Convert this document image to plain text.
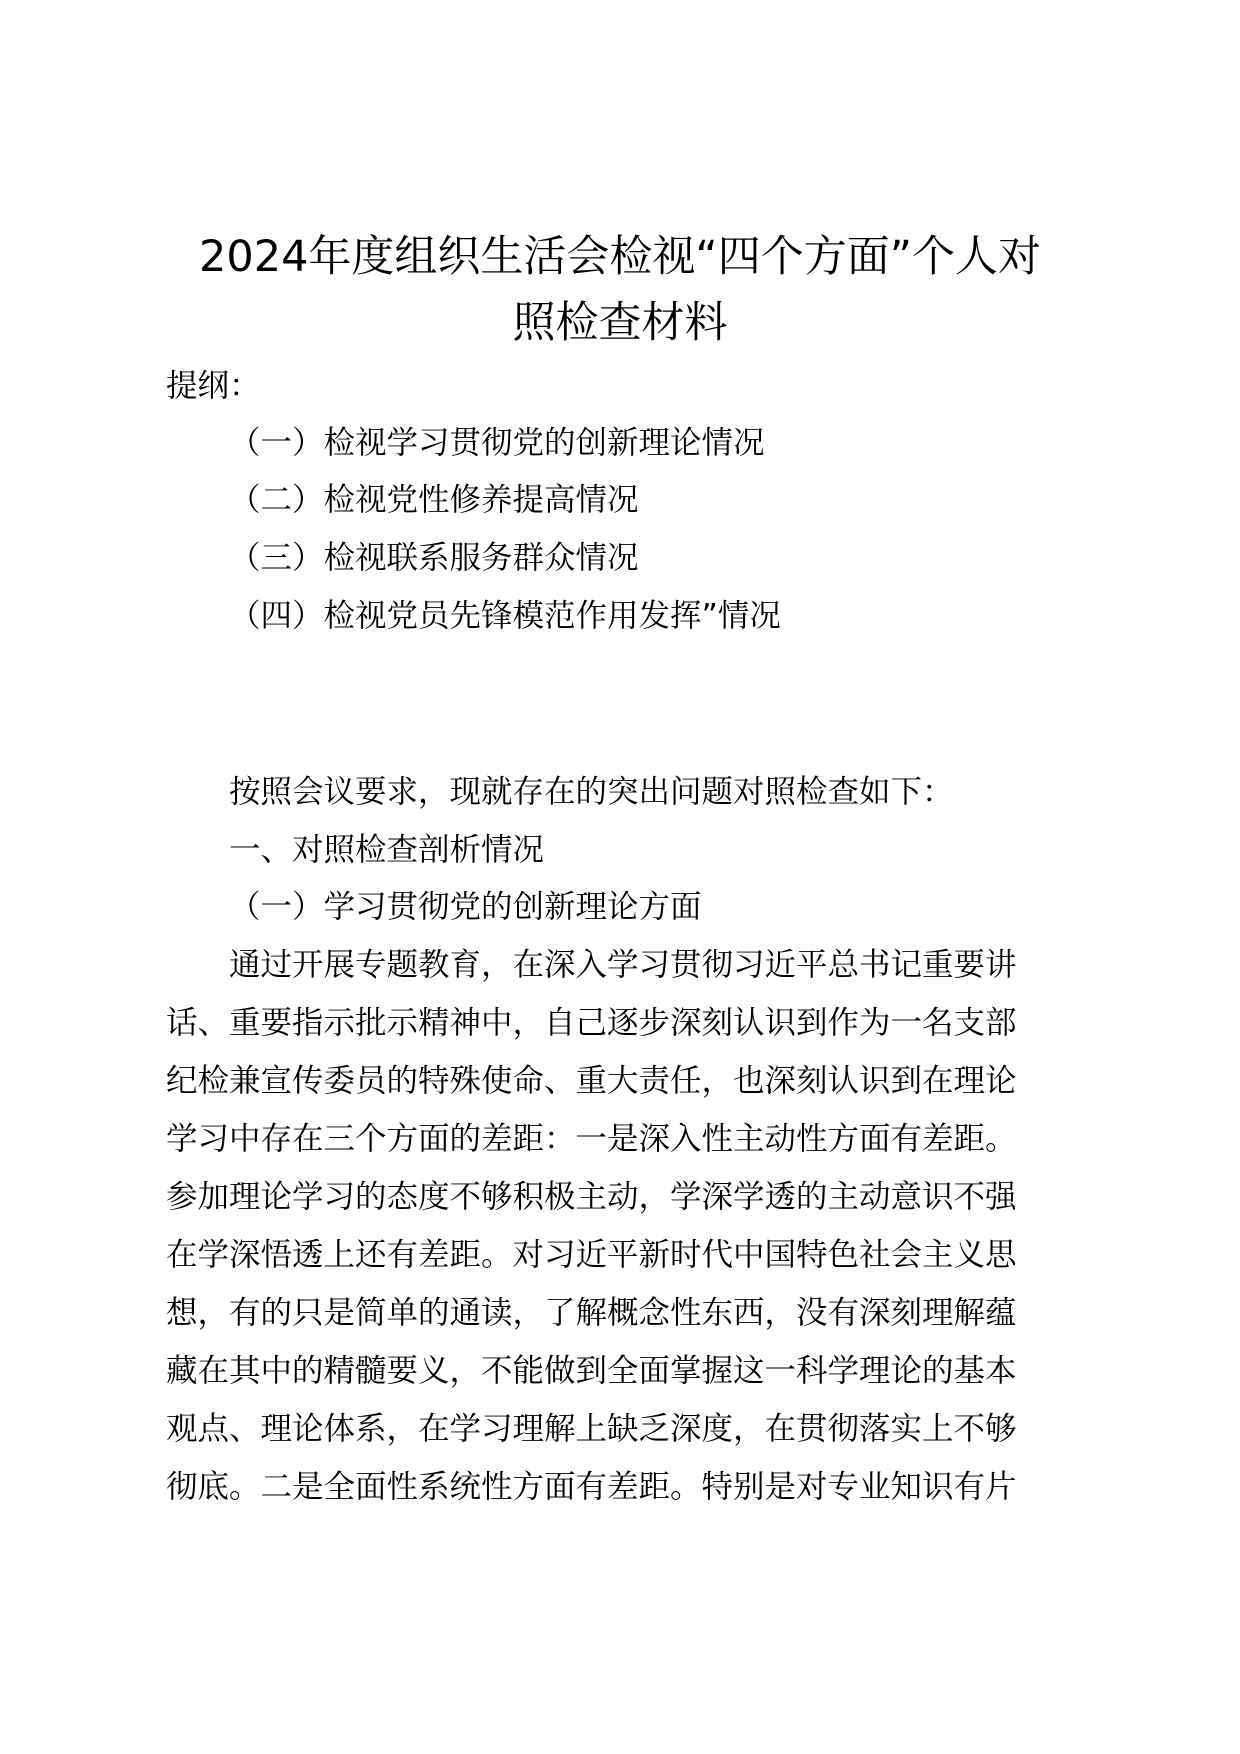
2024年度组织生活会检视“四个方面”个人对
照检查材料
提纲：
（一）检视学习贯彻党的创新理论情况
（二）检视党性修养提高情况
（三）检视联系服务群众情况
（四）检视党员先锋模范作用发挥”情况
按照会议要求，现就存在的突出问题对照检查如下：
一、对照检查剖析情况
（一）学习贯彻党的创新理论方面
通过开展专题教育，在深入学习贯彻习近平总书记重要讲
话、重要指示批示精神中，自己逐步深刻认识到作为一名支部
纪检兼宣传委员的特殊使命、重大责任，也深刻认识到在理论
学习中存在三个方面的差距：一是深入性主动性方面有差距。
参加理论学习的态度不够积极主动，学深学透的主动意识不强
在学深悟透上还有差距。对习近平新时代中国特色社会主义思
想，有的只是简单的通读，了解概念性东西，没有深刻理解蕴
藏在其中的精髓要义，不能做到全面掌握这一科学理论的基本
观点、理论体系，在学习理解上缺乏深度，在贯彻落实上不够
彻底。二是全面性系统性方面有差距。特别是对专业知识有片
